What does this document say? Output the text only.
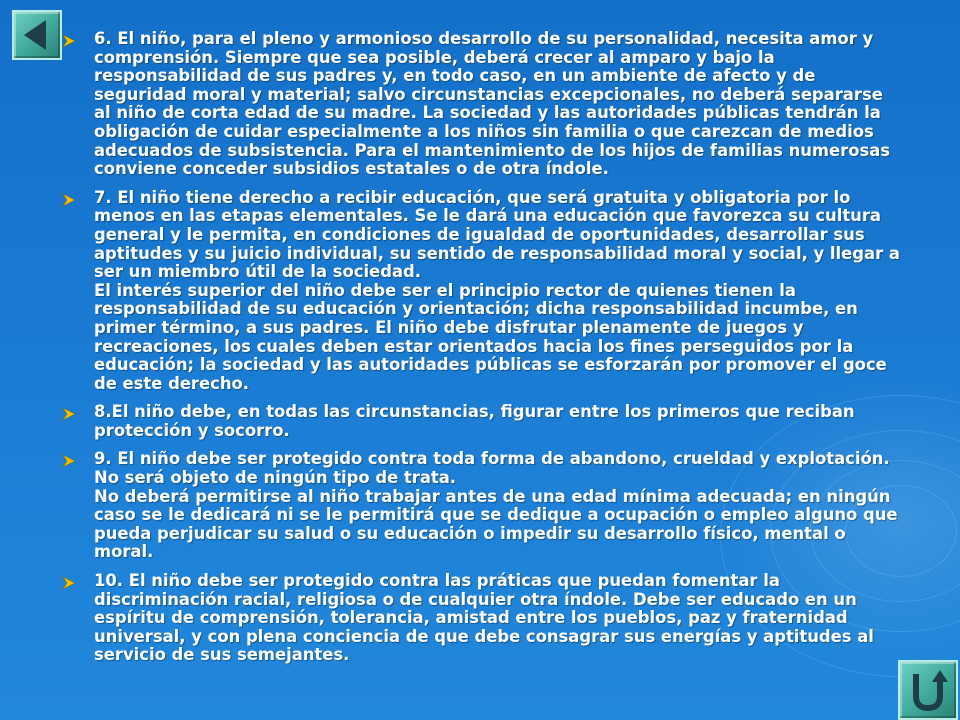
6. El niño, para el pleno y armonioso desarrollo de su personalidad, necesita amor y comprensión. Siempre que sea posible, deberá crecer al amparo y bajo la responsabilidad de sus padres y, en todo caso, en un ambiente de afecto y de seguridad moral y material; salvo circunstancias excepcionales, no deberá separarse al niño de corta edad de su madre. La sociedad y las autoridades públicas tendrán la obligación de cuidar especialmente a los niños sin familia o que carezcan de medios adecuados de subsistencia. Para el mantenimiento de los hijos de familias numerosas conviene conceder subsidios estatales o de otra índole.

7. El niño tiene derecho a recibir educación, que será gratuita y obligatoria por lo menos en las etapas elementales. Se le dará una educación que favorezca su cultura general y le permita, en condiciones de igualdad de oportunidades, desarrollar sus aptitudes y su juicio individual, su sentido de responsabilidad moral y social, y llegar a ser un miembro útil de la sociedad.
El interés superior del niño debe ser el principio rector de quienes tienen la responsabilidad de su educación y orientación; dicha responsabilidad incumbe, en primer término, a sus padres. El niño debe disfrutar plenamente de juegos y recreaciones, los cuales deben estar orientados hacia los fines perseguidos por la educación; la sociedad y las autoridades públicas se esforzarán por promover el goce de este derecho.

8.El niño debe, en todas las circunstancias, figurar entre los primeros que reciban protección y socorro.

9. El niño debe ser protegido contra toda forma de abandono, crueldad y explotación. No será objeto de ningún tipo de trata.
No deberá permitirse al niño trabajar antes de una edad mínima adecuada; en ningún caso se le dedicará ni se le permitirá que se dedique a ocupación o empleo alguno que pueda perjudicar su salud o su educación o impedir su desarrollo físico, mental o moral.

10. El niño debe ser protegido contra las práticas que puedan fomentar la discriminación racial, religiosa o de cualquier otra índole. Debe ser educado en un espíritu de comprensión, tolerancia, amistad entre los pueblos, paz y fraternidad universal, y con plena conciencia de que debe consagrar sus energías y aptitudes al servicio de sus semejantes.
